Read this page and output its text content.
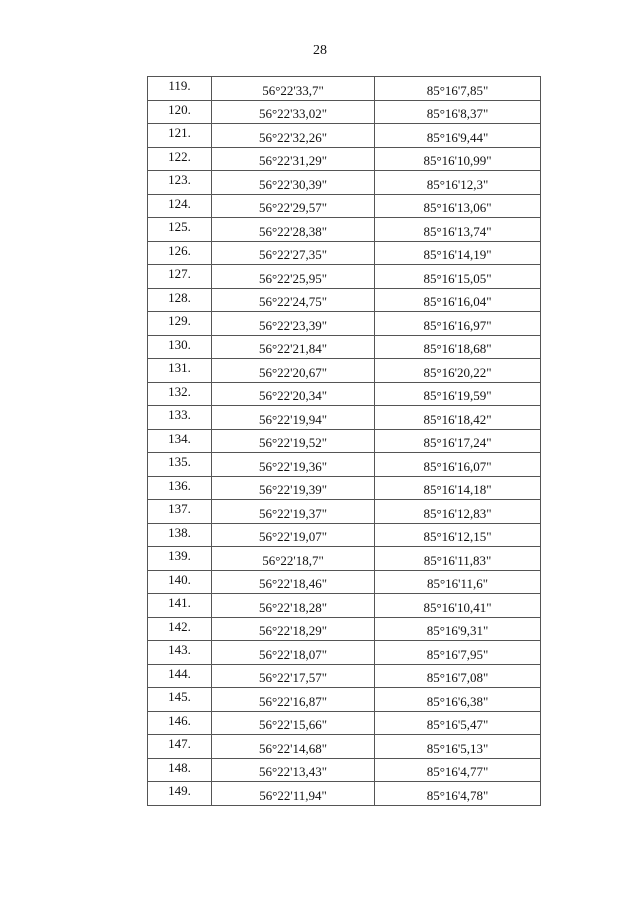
28
119.	56°22'33,7"	85°16'7,85"
120.	56°22'33,02"	85°16'8,37"
121.	56°22'32,26"	85°16'9,44"
122.	56°22'31,29"	85°16'10,99"
123.	56°22'30,39"	85°16'12,3"
124.	56°22'29,57"	85°16'13,06"
125.	56°22'28,38"	85°16'13,74"
126.	56°22'27,35"	85°16'14,19"
127.	56°22'25,95"	85°16'15,05"
128.	56°22'24,75"	85°16'16,04"
129.	56°22'23,39"	85°16'16,97"
130.	56°22'21,84"	85°16'18,68"
131.	56°22'20,67"	85°16'20,22"
132.	56°22'20,34"	85°16'19,59"
133.	56°22'19,94"	85°16'18,42"
134.	56°22'19,52"	85°16'17,24"
135.	56°22'19,36"	85°16'16,07"
136.	56°22'19,39"	85°16'14,18"
137.	56°22'19,37"	85°16'12,83"
138.	56°22'19,07"	85°16'12,15"
139.	56°22'18,7"	85°16'11,83"
140.	56°22'18,46"	85°16'11,6"
141.	56°22'18,28"	85°16'10,41"
142.	56°22'18,29"	85°16'9,31"
143.	56°22'18,07"	85°16'7,95"
144.	56°22'17,57"	85°16'7,08"
145.	56°22'16,87"	85°16'6,38"
146.	56°22'15,66"	85°16'5,47"
147.	56°22'14,68"	85°16'5,13"
148.	56°22'13,43"	85°16'4,77"
149.	56°22'11,94"	85°16'4,78"
